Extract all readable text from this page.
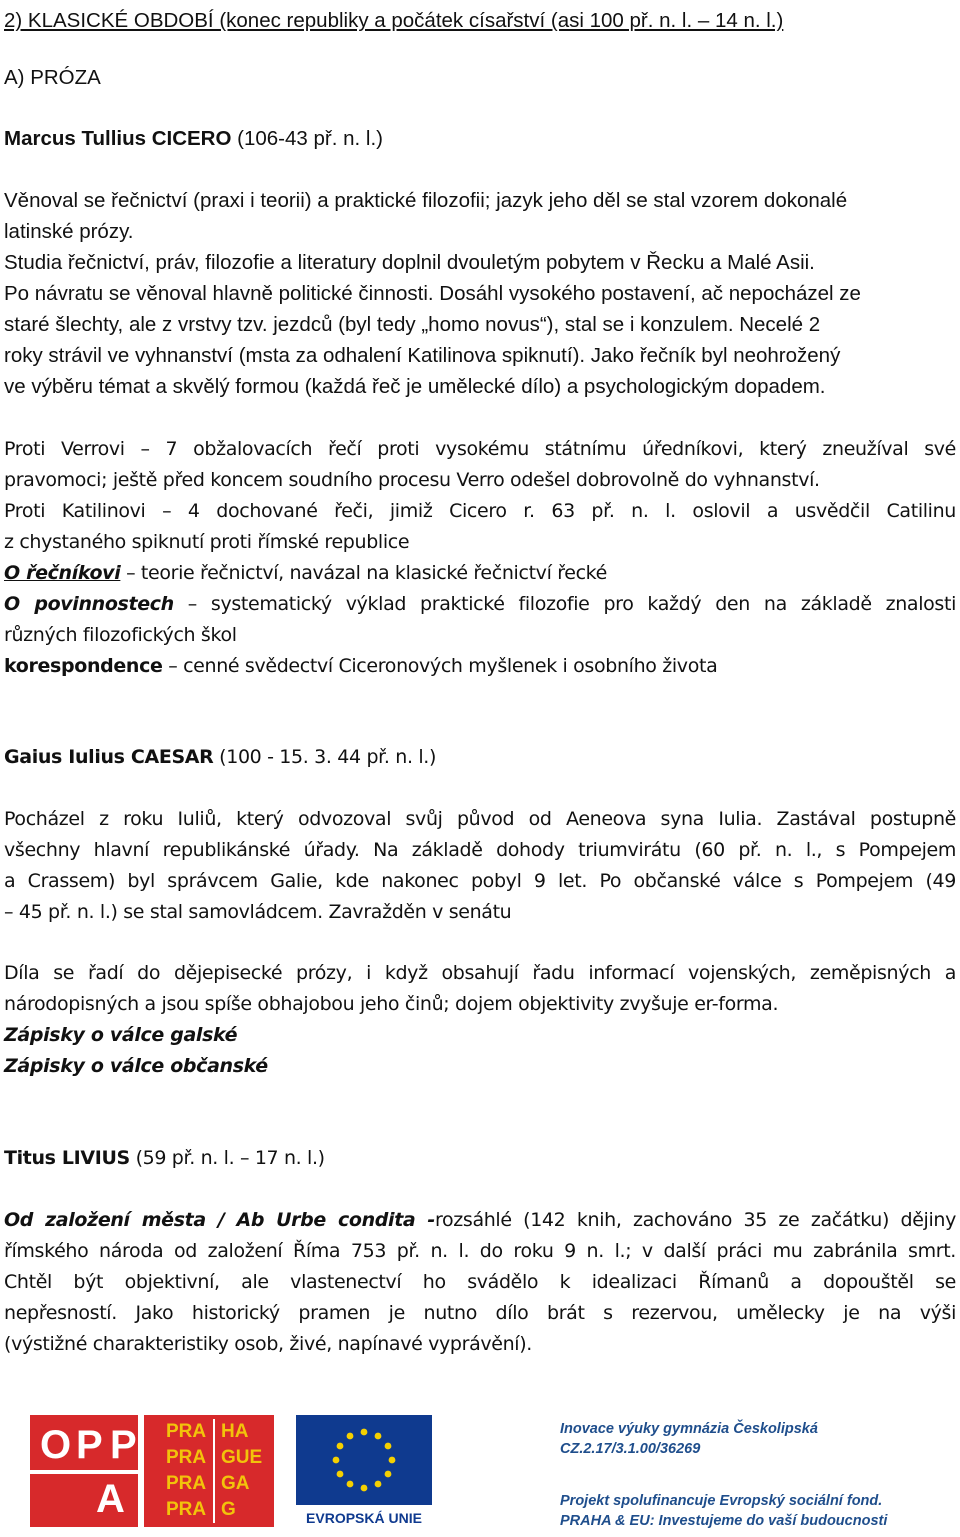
2) KLASICKÉ OBDOBÍ (konec republiky a počátek císařství (asi 100 př. n. l. – 14 n. l.)
A) PRÓZA
Marcus Tullius CICERO (106-43 př. n. l.)
Věnoval se řečnictví (praxi i teorii) a praktické filozofii; jazyk jeho děl se stal vzorem dokonalé
latinské prózy.
Studia řečnictví, práv, filozofie a literatury doplnil dvouletým pobytem v Řecku a Malé Asii.
Po návratu se věnoval hlavně politické činnosti. Dosáhl vysokého postavení, ač nepocházel ze
staré šlechty, ale z vrstvy tzv. jezdců (byl tedy „homo novus“), stal se i konzulem. Necelé 2
roky strávil ve vyhnanství (msta za odhalení Katilinova spiknutí). Jako řečník byl neohrožený
ve výběru témat a skvělý formou (každá řeč je umělecké dílo) a psychologickým dopadem.
Proti Verrovi – 7 obžalovacích řečí proti vysokému státnímu úředníkovi, který zneužíval své
pravomoci; ještě před koncem soudního procesu Verro odešel dobrovolně do vyhnanství.
Proti Katilinovi – 4 dochované řeči, jimiž Cicero r. 63 př. n. l. oslovil a usvědčil Catilinu
z chystaného spiknutí proti římské republice
O řečníkovi – teorie řečnictví, navázal na klasické řečnictví řecké
O povinnostech – systematický výklad praktické filozofie pro každý den na základě znalosti
různých filozofických škol
korespondence – cenné svědectví Ciceronových myšlenek i osobního života
Gaius Iulius CAESAR (100 - 15. 3. 44 př. n. l.)
Pocházel z roku Iuliů, který odvozoval svůj původ od Aeneova syna Iulia. Zastával postupně
všechny hlavní republikánské úřady. Na základě dohody triumvirátu (60 př. n. l., s Pompejem
a Crassem) byl správcem Galie, kde nakonec pobyl 9 let. Po občanské válce s Pompejem (49
– 45 př. n. l.) se stal samovládcem. Zavražděn v senátu
Díla se řadí do dějepisecké prózy, i když obsahují řadu informací vojenských, zeměpisných a
národopisných a jsou spíše obhajobou jeho činů; dojem objektivity zvyšuje er-forma.
Zápisky o válce galské
Zápisky o válce občanské
Titus LIVIUS (59 př. n. l. – 17 n. l.)
Od založení města / Ab Urbe condita -rozsáhlé (142 knih, zachováno 35 ze začátku) dějiny
římského národa od založení Říma 753 př. n. l. do roku 9 n. l.; v další práci mu zabránila smrt.
Chtěl být objektivní, ale vlastenectví ho svádělo k idealizaci Římanů a dopouštěl se
nepřesností. Jako historický pramen je nutno dílo brát s rezervou, umělecky je na výši
(výstižné charakteristiky osob, živé, napínavé vyprávění).
O P P
A
PRA HA
PRA GUE
PRA GA
PRA G	EVROPSKÁ UNIE
Inovace výuky gymnázia Českolipská
CZ.2.17/3.1.00/36269
Projekt spolufinancuje Evropský sociální fond.
PRAHA & EU: Investujeme do vaší budoucnosti
